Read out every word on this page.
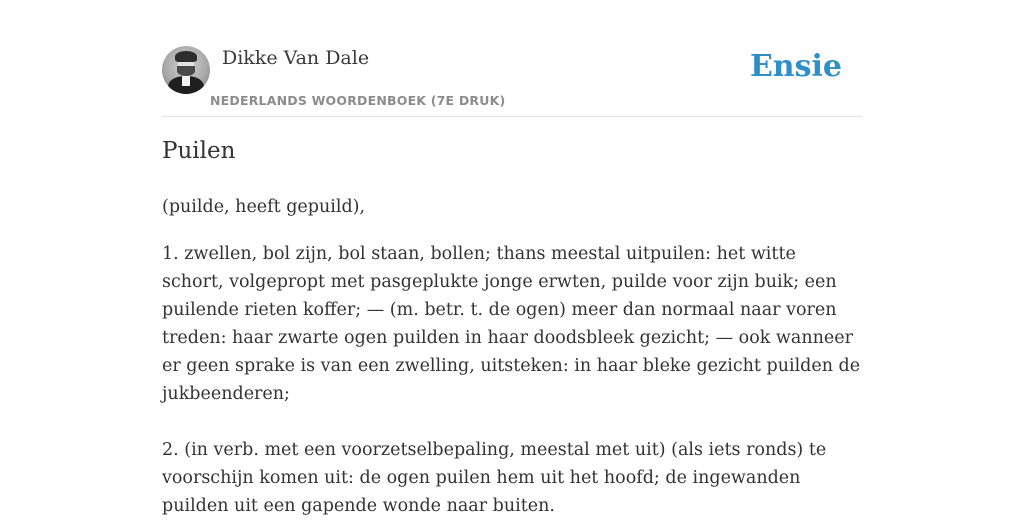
Dikke Van Dale
NEDERLANDS WOORDENBOEK (7E DRUK)
Ensie
Puilen

(puilde, heeft gepuild),

1. zwellen, bol zijn, bol staan, bollen; thans meestal uitpuilen: het witte schort, volgepropt met pasgeplukte jonge erwten, puilde voor zijn buik; een puilende rieten koffer; — (m. betr. t. de ogen) meer dan normaal naar voren treden: haar zwarte ogen puilden in haar doodsbleek gezicht; — ook wanneer er geen sprake is van een zwelling, uitsteken: in haar bleke gezicht puilden de jukbeenderen;

2. (in verb. met een voorzetselbepaling, meestal met uit) (als iets ronds) te voorschijn komen uit: de ogen puilen hem uit het hoofd; de ingewanden puilden uit een gapende wonde naar buiten.
